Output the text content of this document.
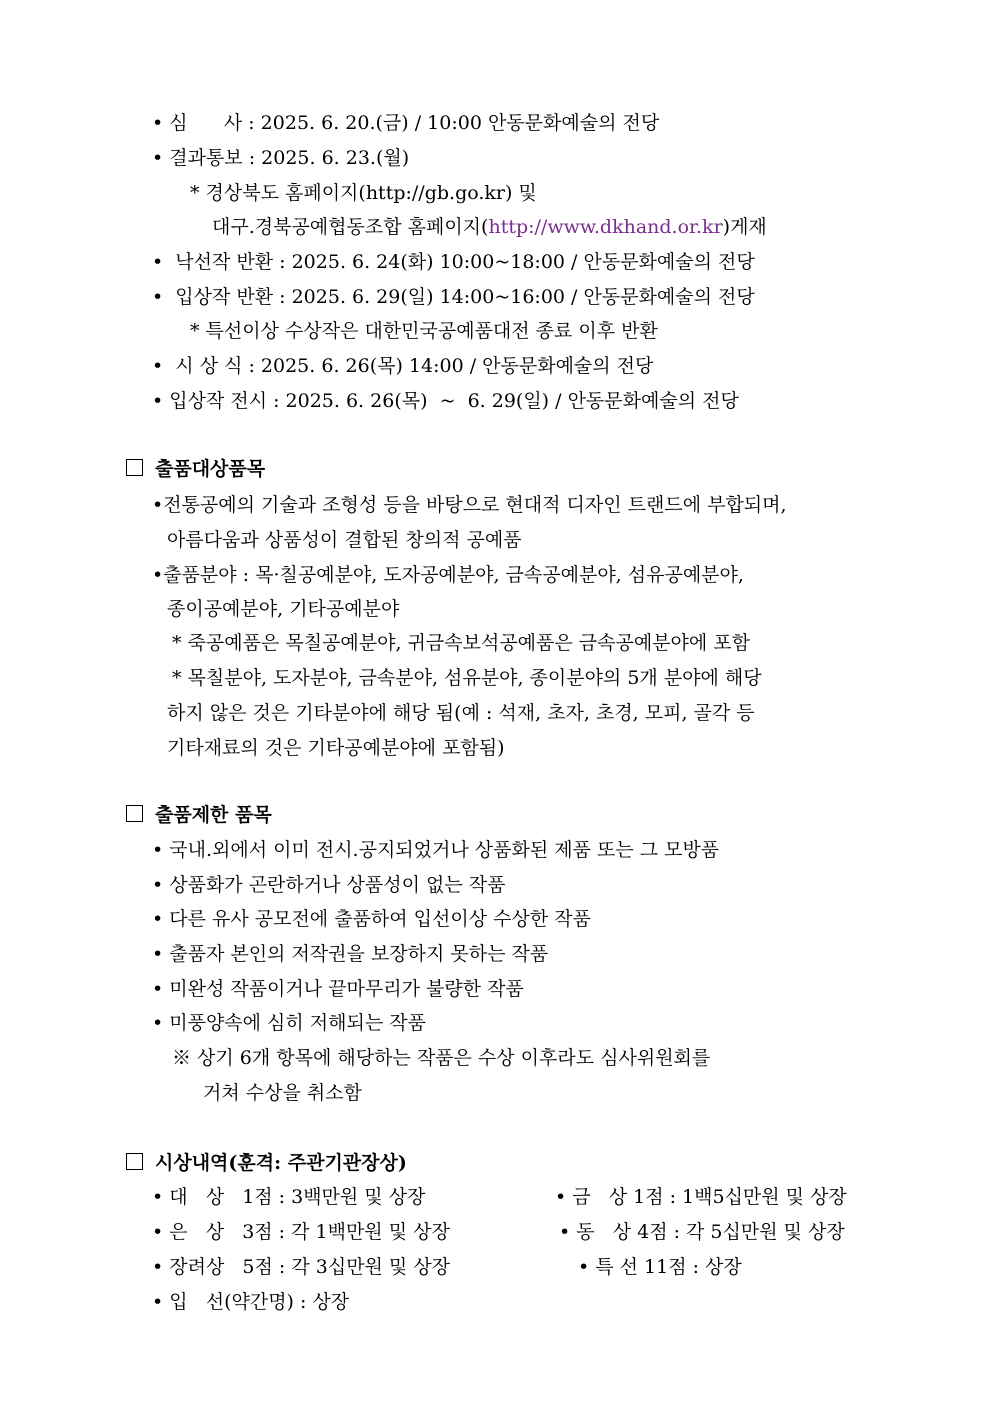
• 심      사 : 2025. 6. 20.(금) / 10:00 안동문화예술의 전당
• 결과통보 : 2025. 6. 23.(월)
* 경상북도 홈페이지(http://gb.go.kr) 및
대구.경북공예협동조합 홈페이지(http://www.dkhand.or.kr)게재
•  낙선작 반환 : 2025. 6. 24(화) 10:00~18:00 / 안동문화예술의 전당
•  입상작 반환 : 2025. 6. 29(일) 14:00~16:00 / 안동문화예술의 전당
* 특선이상 수상작은 대한민국공예품대전 종료 이후 반환
•  시 상 식 : 2025. 6. 26(목) 14:00 / 안동문화예술의 전당
• 입상작 전시 : 2025. 6. 26(목)  ~  6. 29(일) / 안동문화예술의 전당
출품대상품목
•전통공예의 기술과 조형성 등을 바탕으로 현대적 디자인 트랜드에 부합되며,
아름다움과 상품성이 결합된 창의적 공예품
•출품분야 : 목·칠공예분야, 도자공예분야, 금속공예분야, 섬유공예분야,
종이공예분야, 기타공예분야
* 죽공예품은 목칠공예분야, 귀금속보석공예품은 금속공예분야에 포함
* 목칠분야, 도자분야, 금속분야, 섬유분야, 종이분야의 5개 분야에 해당
하지 않은 것은 기타분야에 해당 됨(예 : 석재, 초자, 초경, 모피, 골각 등
기타재료의 것은 기타공예분야에 포함됨)
출품제한 품목
• 국내.외에서 이미 전시.공지되었거나 상품화된 제품 또는 그 모방품
• 상품화가 곤란하거나 상품성이 없는 작품
• 다른 유사 공모전에 출품하여 입선이상 수상한 작품
• 출품자 본인의 저작권을 보장하지 못하는 작품
• 미완성 작품이거나 끝마무리가 불량한 작품
• 미풍양속에 심히 저해되는 작품
※ 상기 6개 항목에 해당하는 작품은 수상 이후라도 심사위원회를
거쳐 수상을 취소함
시상내역(훈격: 주관기관장상)
• 대   상   1점 : 3백만원 및 상장	• 금   상 1점 : 1백5십만원 및 상장
• 은   상   3점 : 각 1백만원 및 상장	• 동   상 4점 : 각 5십만원 및 상장
• 장려상   5점 : 각 3십만원 및 상장	• 특 선 11점 : 상장
• 입   선(약간명) : 상장
